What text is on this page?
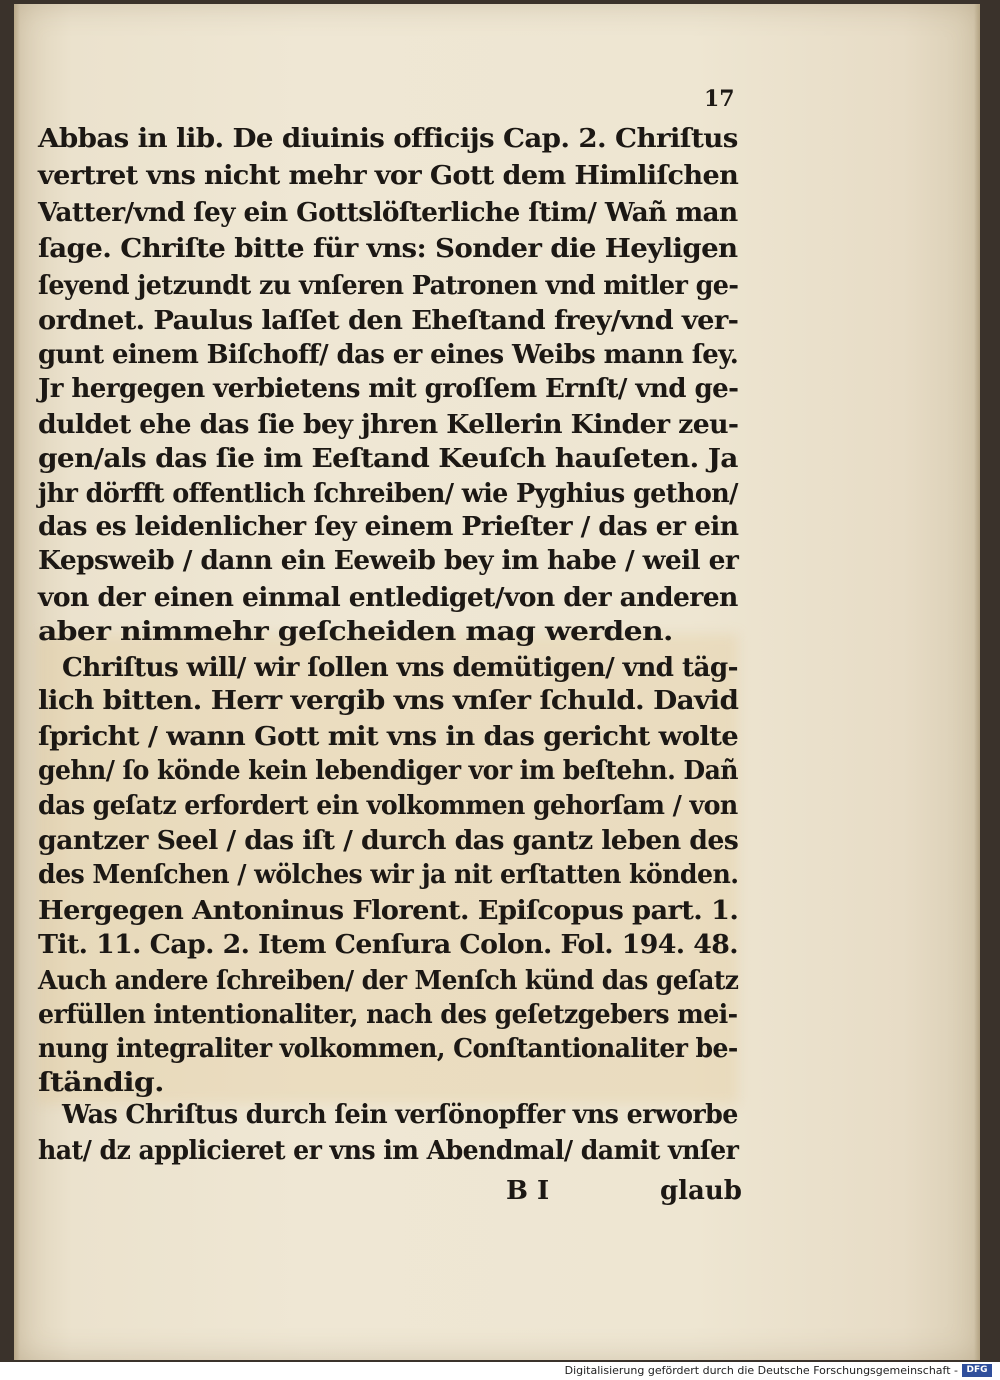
17
Abbas in lib. De diuinis officijs Cap. 2. Chriſtus
vertret vns nicht mehr vor Gott dem Himliſchen
Vatter/vnd ſey ein Gottslöſterliche ſtim/ Wañ man
ſage. Chriſte bitte für vns: Sonder die Heyligen
ſeyend jetzundt zu vnſeren Patronen vnd mitler ge-
ordnet. Paulus laſſet den Eheſtand frey/vnd ver-
gunt einem Biſchoff/ das er eines Weibs mann ſey.
Jr hergegen verbietens mit groſſem Ernſt/ vnd ge-
duldet ehe das ſie bey jhren Kellerin Kinder zeu-
gen/als das ſie im Eeſtand Keuſch hauſeten. Ja
jhr dörfft offentlich ſchreiben/ wie Pyghius gethon/
das es leidenlicher ſey einem Prieſter / das er ein
Kepsweib / dann ein Eeweib bey im habe / weil er
von der einen einmal entlediget/von der anderen
aber nimmehr geſcheiden mag werden.
Chriſtus will/ wir ſollen vns demütigen/ vnd täg-
lich bitten. Herr vergib vns vnſer ſchuld. David
ſpricht / wann Gott mit vns in das gericht wolte
gehn/ ſo könde kein lebendiger vor im beſtehn. Dañ
das geſatz erfordert ein volkommen gehorſam / von
gantzer Seel / das iſt / durch das gantz leben des
des Menſchen / wölches wir ja nit erſtatten könden.
Hergegen Antoninus Florent. Epiſcopus part. 1.
Tit. 11. Cap. 2. Item Cenſura Colon. Fol. 194. 48.
Auch andere ſchreiben/ der Menſch künd das geſatz
erfüllen intentionaliter, nach des geſetzgebers mei-
nung integraliter volkommen, Conſtantionaliter be-
ſtändig.
Was Chriſtus durch ſein verſönopffer vns erworbe
hat/ dz applicieret er vns im Abendmal/ damit vnſer
B I	glaub
Digitalisierung gefördert durch die Deutsche Forschungsgemeinschaft - DFG
